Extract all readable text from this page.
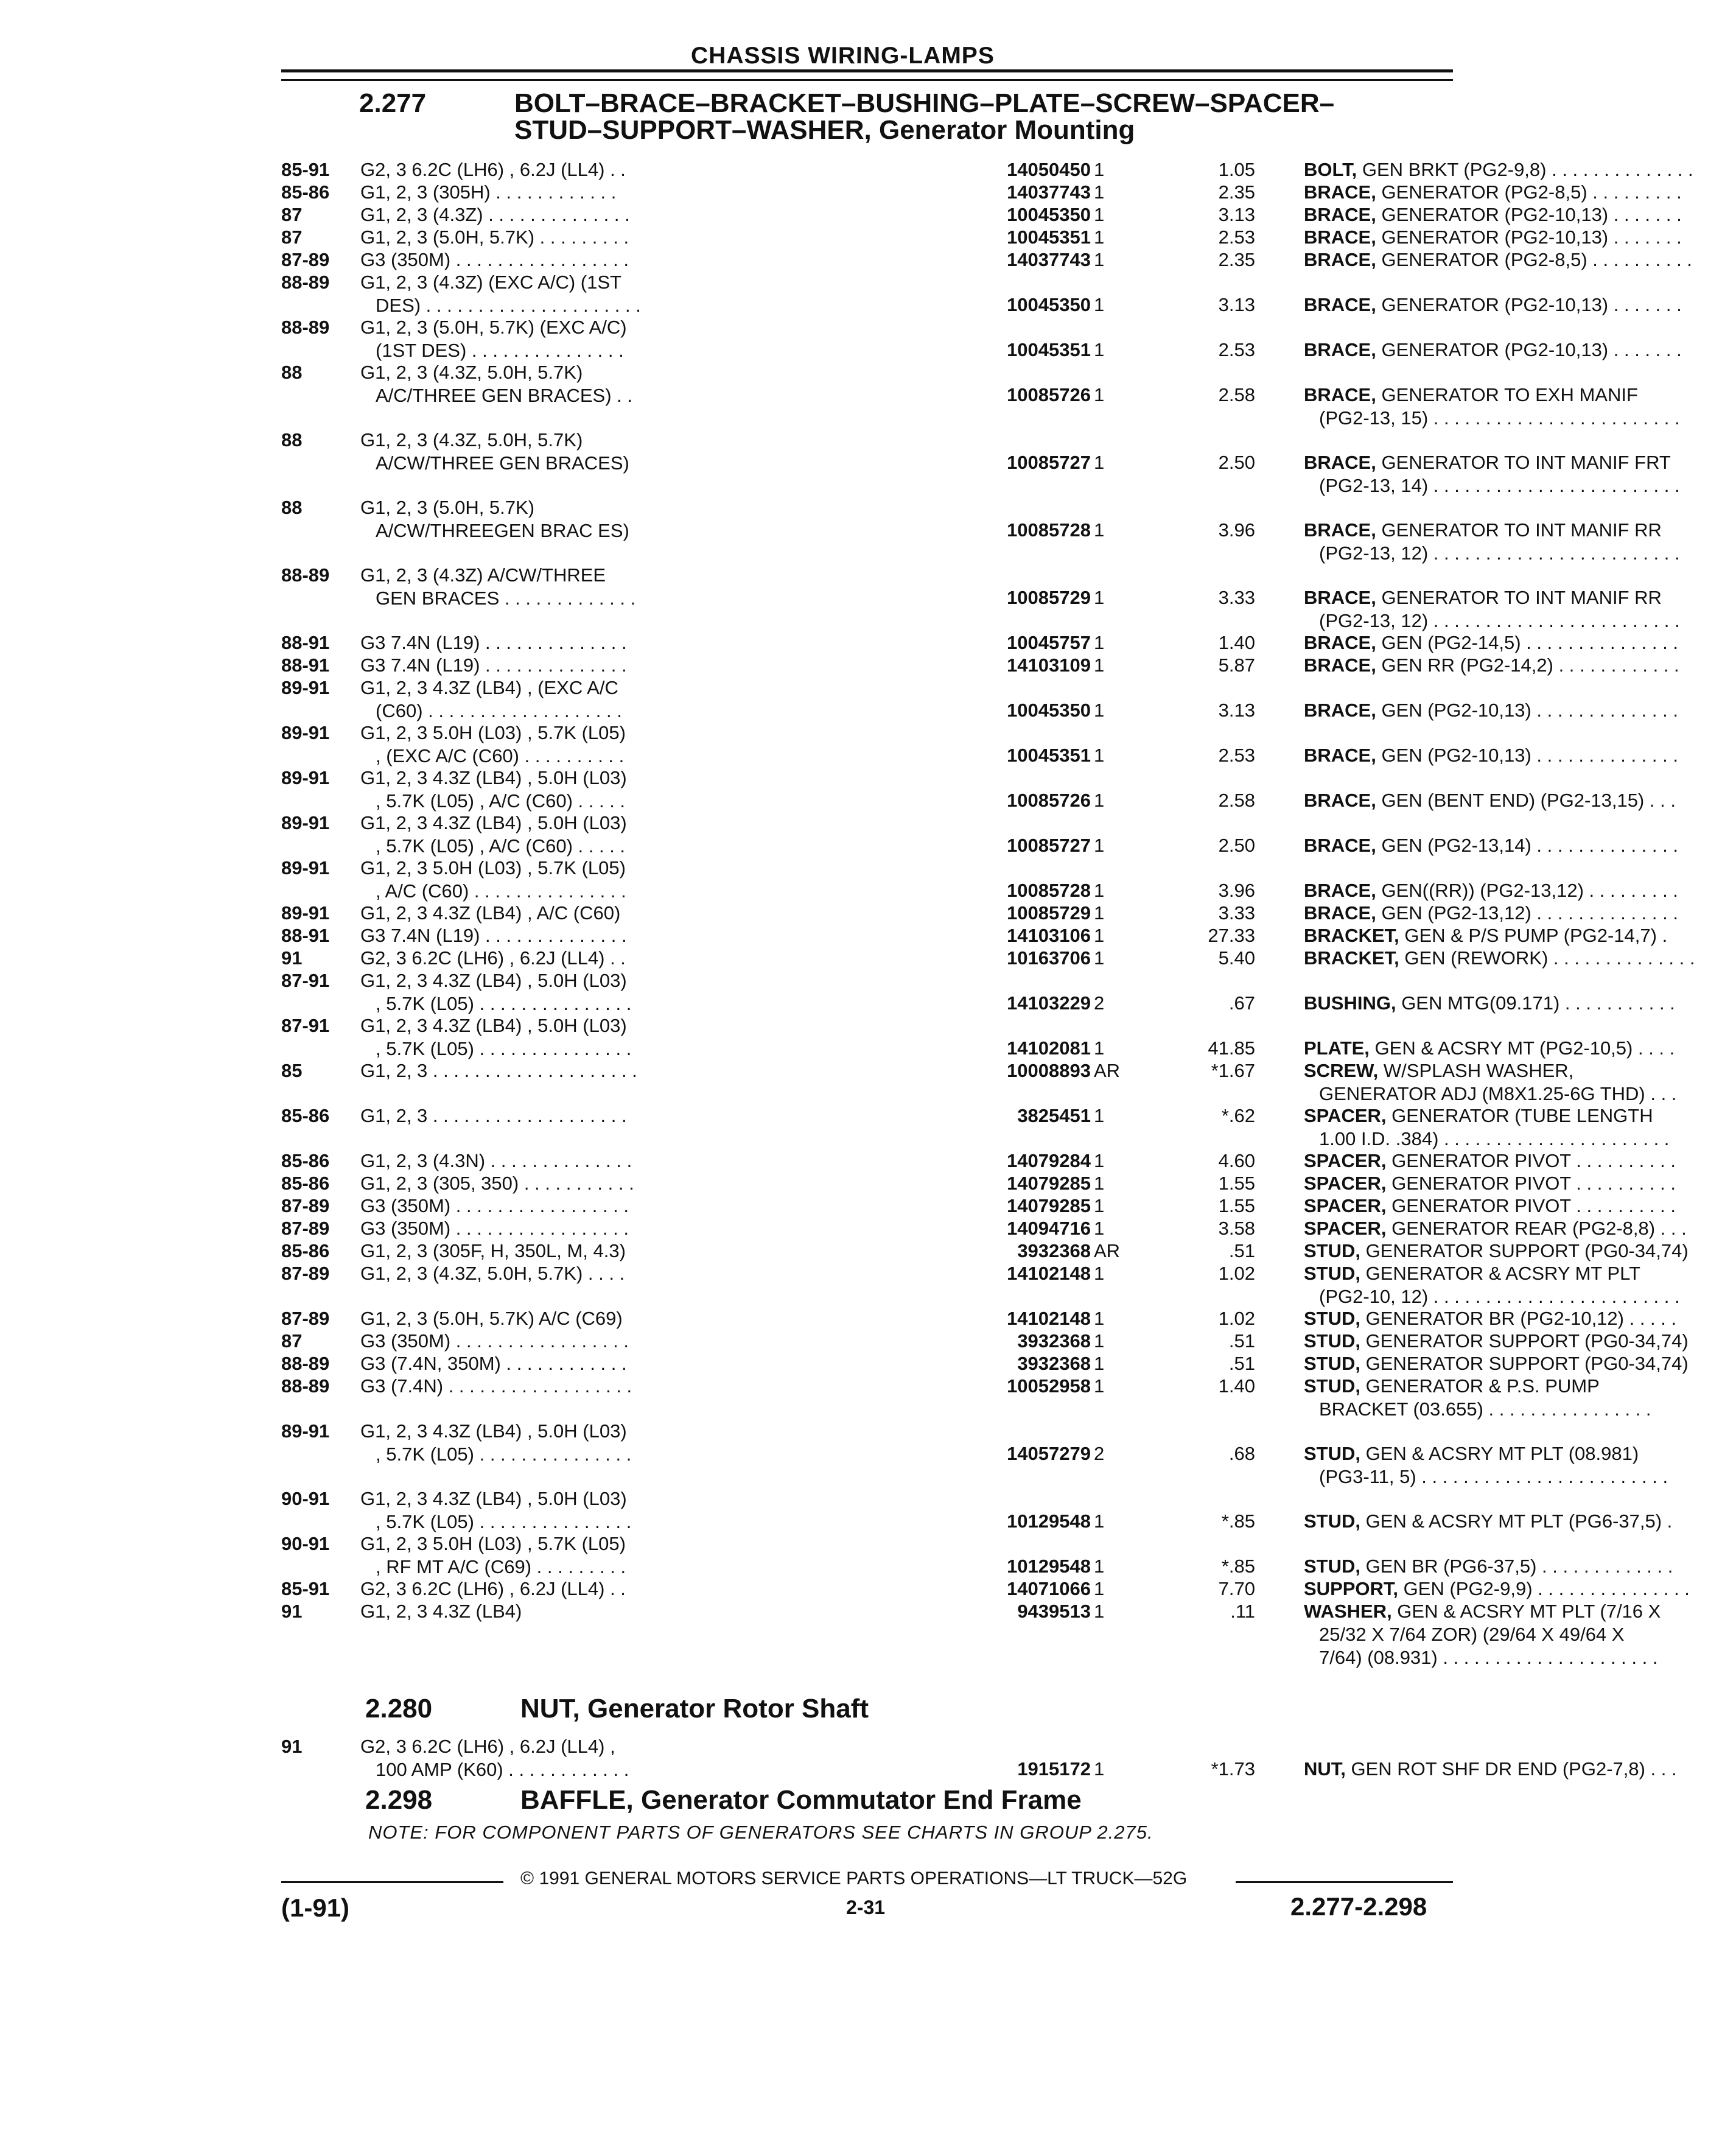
CHASSIS WIRING-LAMPS
2.277	BOLT–BRACE–BRACKET–BUSHING–PLATE–SCREW–SPACER–
STUD–SUPPORT–WASHER, Generator Mounting
85-91	G2, 3 6.2C (LH6) , 6.2J (LL4) . .	14050450 1	1.05	BOLT, GEN BRKT (PG2-9,8) . . . . . . . . . . . . . .
85-86	G1, 2, 3 (305H) . . . . . . . . . . . .	14037743 1	2.35	BRACE, GENERATOR (PG2-8,5) . . . . . . . . .
87	G1, 2, 3 (4.3Z) . . . . . . . . . . . . . .	10045350 1	3.13	BRACE, GENERATOR (PG2-10,13) . . . . . . .
87	G1, 2, 3 (5.0H, 5.7K) . . . . . . . . .	10045351 1	2.53	BRACE, GENERATOR (PG2-10,13) . . . . . . .
87-89	G3 (350M) . . . . . . . . . . . . . . . . .	14037743 1	2.35	BRACE, GENERATOR (PG2-8,5) . . . . . . . . . .
88-89	G1, 2, 3 (4.3Z) (EXC A/C) (1ST
DES) . . . . . . . . . . . . . . . . . . . . .	10045350 1	3.13	BRACE, GENERATOR (PG2-10,13) . . . . . . .
88-89	G1, 2, 3 (5.0H, 5.7K) (EXC A/C)
(1ST DES) . . . . . . . . . . . . . . .	10045351 1	2.53	BRACE, GENERATOR (PG2-10,13) . . . . . . .
88	G1, 2, 3 (4.3Z, 5.0H, 5.7K)
A/C/THREE GEN BRACES) . .	10085726 1	2.58	BRACE, GENERATOR TO EXH MANIF
(PG2-13, 15) . . . . . . . . . . . . . . . . . . . . . . . .
88	G1, 2, 3 (4.3Z, 5.0H, 5.7K)
A/CW/THREE GEN BRACES)	10085727 1	2.50	BRACE, GENERATOR TO INT MANIF FRT
(PG2-13, 14) . . . . . . . . . . . . . . . . . . . . . . . .
88	G1, 2, 3 (5.0H, 5.7K)
A/CW/THREEGEN BRAC ES)	10085728 1	3.96	BRACE, GENERATOR TO INT MANIF RR
(PG2-13, 12) . . . . . . . . . . . . . . . . . . . . . . . .
88-89	G1, 2, 3 (4.3Z) A/CW/THREE
GEN BRACES . . . . . . . . . . . . .	10085729 1	3.33	BRACE, GENERATOR TO INT MANIF RR
(PG2-13, 12) . . . . . . . . . . . . . . . . . . . . . . . .
88-91	G3 7.4N (L19) . . . . . . . . . . . . . .	10045757 1	1.40	BRACE, GEN (PG2-14,5) . . . . . . . . . . . . . . .
88-91	G3 7.4N (L19) . . . . . . . . . . . . . .	14103109 1	5.87	BRACE, GEN RR (PG2-14,2) . . . . . . . . . . . .
89-91	G1, 2, 3 4.3Z (LB4) , (EXC A/C
(C60) . . . . . . . . . . . . . . . . . . .	10045350 1	3.13	BRACE, GEN (PG2-10,13) . . . . . . . . . . . . . .
89-91	G1, 2, 3 5.0H (L03) , 5.7K (L05)
, (EXC A/C (C60) . . . . . . . . . .	10045351 1	2.53	BRACE, GEN (PG2-10,13) . . . . . . . . . . . . . .
89-91	G1, 2, 3 4.3Z (LB4) , 5.0H (L03)
, 5.7K (L05) , A/C (C60) . . . . .	10085726 1	2.58	BRACE, GEN (BENT END) (PG2-13,15) . . .
89-91	G1, 2, 3 4.3Z (LB4) , 5.0H (L03)
, 5.7K (L05) , A/C (C60) . . . . .	10085727 1	2.50	BRACE, GEN (PG2-13,14) . . . . . . . . . . . . . .
89-91	G1, 2, 3 5.0H (L03) , 5.7K (L05)
, A/C (C60) . . . . . . . . . . . . . . .	10085728 1	3.96	BRACE, GEN((RR)) (PG2-13,12) . . . . . . . . .
89-91	G1, 2, 3 4.3Z (LB4) , A/C (C60)	10085729 1	3.33	BRACE, GEN (PG2-13,12) . . . . . . . . . . . . . .
88-91	G3 7.4N (L19) . . . . . . . . . . . . . .	14103106 1	27.33	BRACKET, GEN & P/S PUMP (PG2-14,7) .
91	G2, 3 6.2C (LH6) , 6.2J (LL4) . .	10163706 1	5.40	BRACKET, GEN (REWORK) . . . . . . . . . . . . . .
87-91	G1, 2, 3 4.3Z (LB4) , 5.0H (L03)
, 5.7K (L05) . . . . . . . . . . . . . . .	14103229 2	.67	BUSHING, GEN MTG(09.171) . . . . . . . . . . .
87-91	G1, 2, 3 4.3Z (LB4) , 5.0H (L03)
, 5.7K (L05) . . . . . . . . . . . . . . .	14102081 1	41.85	PLATE, GEN & ACSRY MT (PG2-10,5) . . . .
85	G1, 2, 3 . . . . . . . . . . . . . . . . . . . .	10008893 AR	*1.67	SCREW, W/SPLASH WASHER,
GENERATOR ADJ (M8X1.25-6G THD) . . .
85-86	G1, 2, 3 . . . . . . . . . . . . . . . . . . .	3825451 1	*.62	SPACER, GENERATOR (TUBE LENGTH
1.00 I.D. .384) . . . . . . . . . . . . . . . . . . . . . .
85-86	G1, 2, 3 (4.3N) . . . . . . . . . . . . . .	14079284 1	4.60	SPACER, GENERATOR PIVOT . . . . . . . . . .
85-86	G1, 2, 3 (305, 350) . . . . . . . . . . .	14079285 1	1.55	SPACER, GENERATOR PIVOT . . . . . . . . . .
87-89	G3 (350M) . . . . . . . . . . . . . . . . .	14079285 1	1.55	SPACER, GENERATOR PIVOT . . . . . . . . . .
87-89	G3 (350M) . . . . . . . . . . . . . . . . .	14094716 1	3.58	SPACER, GENERATOR REAR (PG2-8,8) . . .
85-86	G1, 2, 3 (305F, H, 350L, M, 4.3)	3932368 AR	.51	STUD, GENERATOR SUPPORT (PG0-34,74)
87-89	G1, 2, 3 (4.3Z, 5.0H, 5.7K) . . . .	14102148 1	1.02	STUD, GENERATOR & ACSRY MT PLT
(PG2-10, 12) . . . . . . . . . . . . . . . . . . . . . . . .
87-89	G1, 2, 3 (5.0H, 5.7K) A/C (C69)	14102148 1	1.02	STUD, GENERATOR BR (PG2-10,12) . . . . .
87	G3 (350M) . . . . . . . . . . . . . . . . .	3932368 1	.51	STUD, GENERATOR SUPPORT (PG0-34,74)
88-89	G3 (7.4N, 350M) . . . . . . . . . . . .	3932368 1	.51	STUD, GENERATOR SUPPORT (PG0-34,74)
88-89	G3 (7.4N) . . . . . . . . . . . . . . . . . .	10052958 1	1.40	STUD, GENERATOR & P.S. PUMP
BRACKET (03.655) . . . . . . . . . . . . . . . .
89-91	G1, 2, 3 4.3Z (LB4) , 5.0H (L03)
, 5.7K (L05) . . . . . . . . . . . . . . .	14057279 2	.68	STUD, GEN & ACSRY MT PLT (08.981)
(PG3-11, 5) . . . . . . . . . . . . . . . . . . . . . . . .
90-91	G1, 2, 3 4.3Z (LB4) , 5.0H (L03)
, 5.7K (L05) . . . . . . . . . . . . . . .	10129548 1	*.85	STUD, GEN & ACSRY MT PLT (PG6-37,5) .
90-91	G1, 2, 3 5.0H (L03) , 5.7K (L05)
, RF MT A/C (C69) . . . . . . . . .	10129548 1	*.85	STUD, GEN BR (PG6-37,5) . . . . . . . . . . . . .
85-91	G2, 3 6.2C (LH6) , 6.2J (LL4) . .	14071066 1	7.70	SUPPORT, GEN (PG2-9,9) . . . . . . . . . . . . . . .
91	G1, 2, 3 4.3Z (LB4)	9439513 1	.11	WASHER, GEN & ACSRY MT PLT (7/16 X
25/32 X 7/64 ZOR) (29/64 X 49/64 X
7/64) (08.931) . . . . . . . . . . . . . . . . . . . . .
2.280	NUT, Generator Rotor Shaft
91	G2, 3 6.2C (LH6) , 6.2J (LL4) ,
100 AMP (K60) . . . . . . . . . . . .	1915172 1	*1.73	NUT, GEN ROT SHF DR END (PG2-7,8) . . .
2.298	BAFFLE, Generator Commutator End Frame
NOTE: FOR COMPONENT PARTS OF GENERATORS SEE CHARTS IN GROUP 2.275.
© 1991 GENERAL MOTORS SERVICE PARTS OPERATIONS—LT TRUCK—52G
(1-91)	2-31	2.277-2.298
